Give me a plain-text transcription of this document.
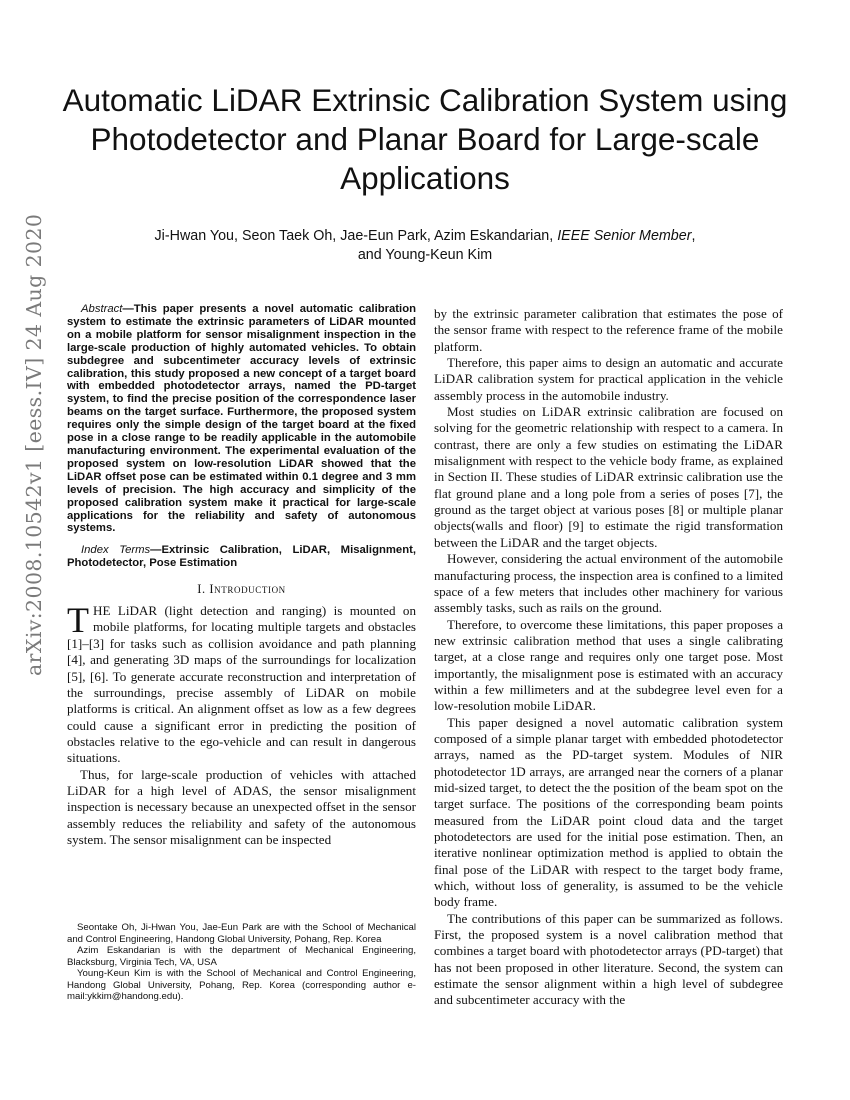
arXiv:2008.10542v1 [eess.IV] 24 Aug 2020
Automatic LiDAR Extrinsic Calibration System using Photodetector and Planar Board for Large-scale Applications
Ji-Hwan You, Seon Taek Oh, Jae-Eun Park, Azim Eskandarian, IEEE Senior Member,
and Young-Keun Kim

Abstract—This paper presents a novel automatic calibration system to estimate the extrinsic parameters of LiDAR mounted on a mobile platform for sensor misalignment inspection in the large-scale production of highly automated vehicles. To obtain subdegree and subcentimeter accuracy levels of extrinsic calibration, this study proposed a new concept of a target board with embedded photodetector arrays, named the PD-target system, to find the precise position of the correspondence laser beams on the target surface. Furthermore, the proposed system requires only the simple design of the target board at the fixed pose in a close range to be readily applicable in the automobile manufacturing environment. The experimental evaluation of the proposed system on low-resolution LiDAR showed that the LiDAR offset pose can be estimated within 0.1 degree and 3 mm levels of precision. The high accuracy and simplicity of the proposed calibration system make it practical for large-scale applications for the reliability and safety of autonomous systems.

Index Terms—Extrinsic Calibration, LiDAR, Misalignment, Photodetector, Pose Estimation

I. Introduction

THE LiDAR (light detection and ranging) is mounted on mobile platforms, for locating multiple targets and obstacles [1]–[3] for tasks such as collision avoidance and path planning [4], and generating 3D maps of the surroundings for localization [5], [6]. To generate accurate reconstruction and interpretation of the surroundings, precise assembly of LiDAR on mobile platforms is critical. An alignment offset as low as a few degrees could cause a significant error in predicting the position of obstacles relative to the ego-vehicle and can result in dangerous situations.

Thus, for large-scale production of vehicles with attached LiDAR for a high level of ADAS, the sensor misalignment inspection is necessary because an unexpected offset in the sensor assembly reduces the reliability and safety of the autonomous system. The sensor misalignment can be inspected

Seontake Oh, Ji-Hwan You, Jae-Eun Park are with the School of Mechanical and Control Engineering, Handong Global University, Pohang, Rep. Korea

Azim Eskandarian is with the department of Mechanical Engineering, Blacksburg, Virginia Tech, VA, USA

Young-Keun Kim is with the School of Mechanical and Control Engineering, Handong Global University, Pohang, Rep. Korea (corresponding author e-mail:ykkim@handong.edu).

by the extrinsic parameter calibration that estimates the pose of the sensor frame with respect to the reference frame of the mobile platform.

Therefore, this paper aims to design an automatic and accurate LiDAR calibration system for practical application in the vehicle assembly process in the automobile industry.

Most studies on LiDAR extrinsic calibration are focused on solving for the geometric relationship with respect to a camera. In contrast, there are only a few studies on estimating the LiDAR misalignment with respect to the vehicle body frame, as explained in Section II. These studies of LiDAR extrinsic calibration use the flat ground plane and a long pole from a series of poses [7], the ground as the target object at various poses [8] or multiple planar objects(walls and floor) [9] to estimate the rigid transformation between the LiDAR and the target objects.

However, considering the actual environment of the automobile manufacturing process, the inspection area is confined to a limited space of a few meters that includes other machinery for various assembly tasks, such as rails on the ground.

Therefore, to overcome these limitations, this paper proposes a new extrinsic calibration method that uses a single calibrating target, at a close range and requires only one target pose. Most importantly, the misalignment pose is estimated with an accuracy within a few millimeters and at the subdegree level even for a low-resolution mobile LiDAR.

This paper designed a novel automatic calibration system composed of a simple planar target with embedded photodetector arrays, named as the PD-target system. Modules of NIR photodetector 1D arrays, are arranged near the corners of a planar mid-sized target, to detect the the position of the beam spot on the target surface. The positions of the corresponding beam points measured from the LiDAR point cloud data and the target photodetectors are used for the initial pose estimation. Then, an iterative nonlinear optimization method is applied to obtain the final pose of the LiDAR with respect to the target body frame, which, without loss of generality, is assumed to be the vehicle body frame.

The contributions of this paper can be summarized as follows. First, the proposed system is a novel calibration method that combines a target board with photodetector arrays (PD-target) that has not been proposed in other literature. Second, the system can estimate the sensor alignment within a high level of subdegree and subcentimeter accuracy with the
